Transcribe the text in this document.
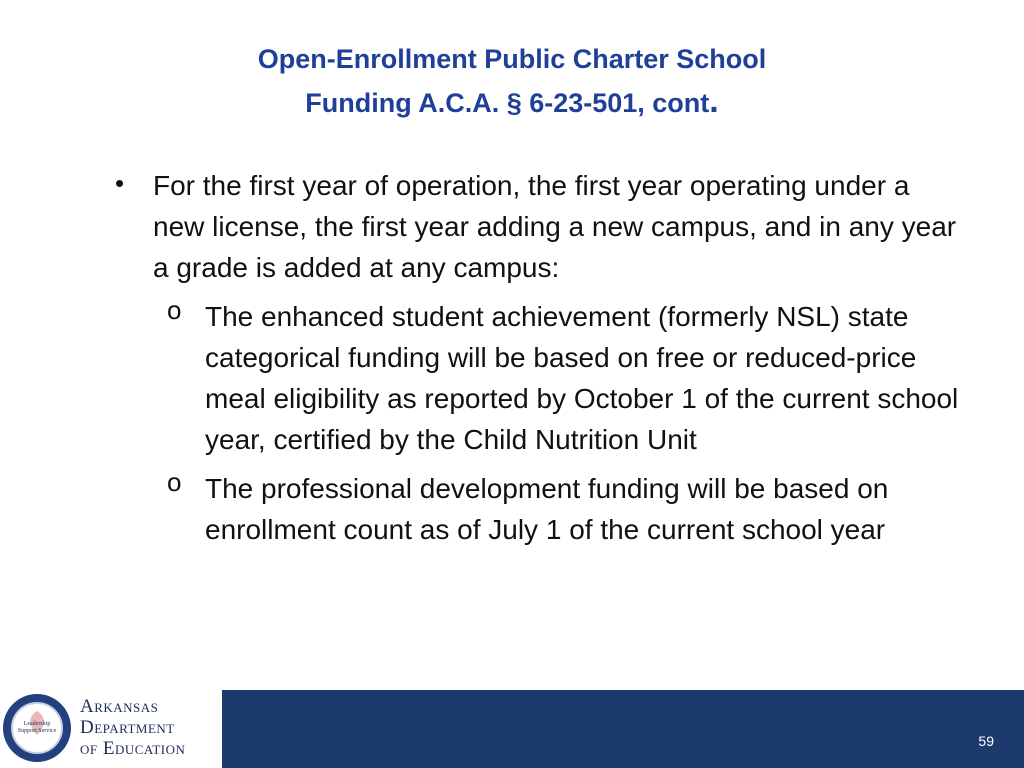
Open-Enrollment Public Charter School
Funding A.C.A. § 6-23-501, cont.
• For the first year of operation, the first year operating under a new license, the first year adding a new campus, and in any year a grade is added at any campus:
o The enhanced student achievement (formerly NSL) state categorical funding will be based on free or reduced-price meal eligibility as reported by October 1 of the current school year, certified by the Child Nutrition Unit
o The professional development funding will be based on enrollment count as of July 1 of the current school year
Leadership Support Service
Arkansas
Department
of Education	59
